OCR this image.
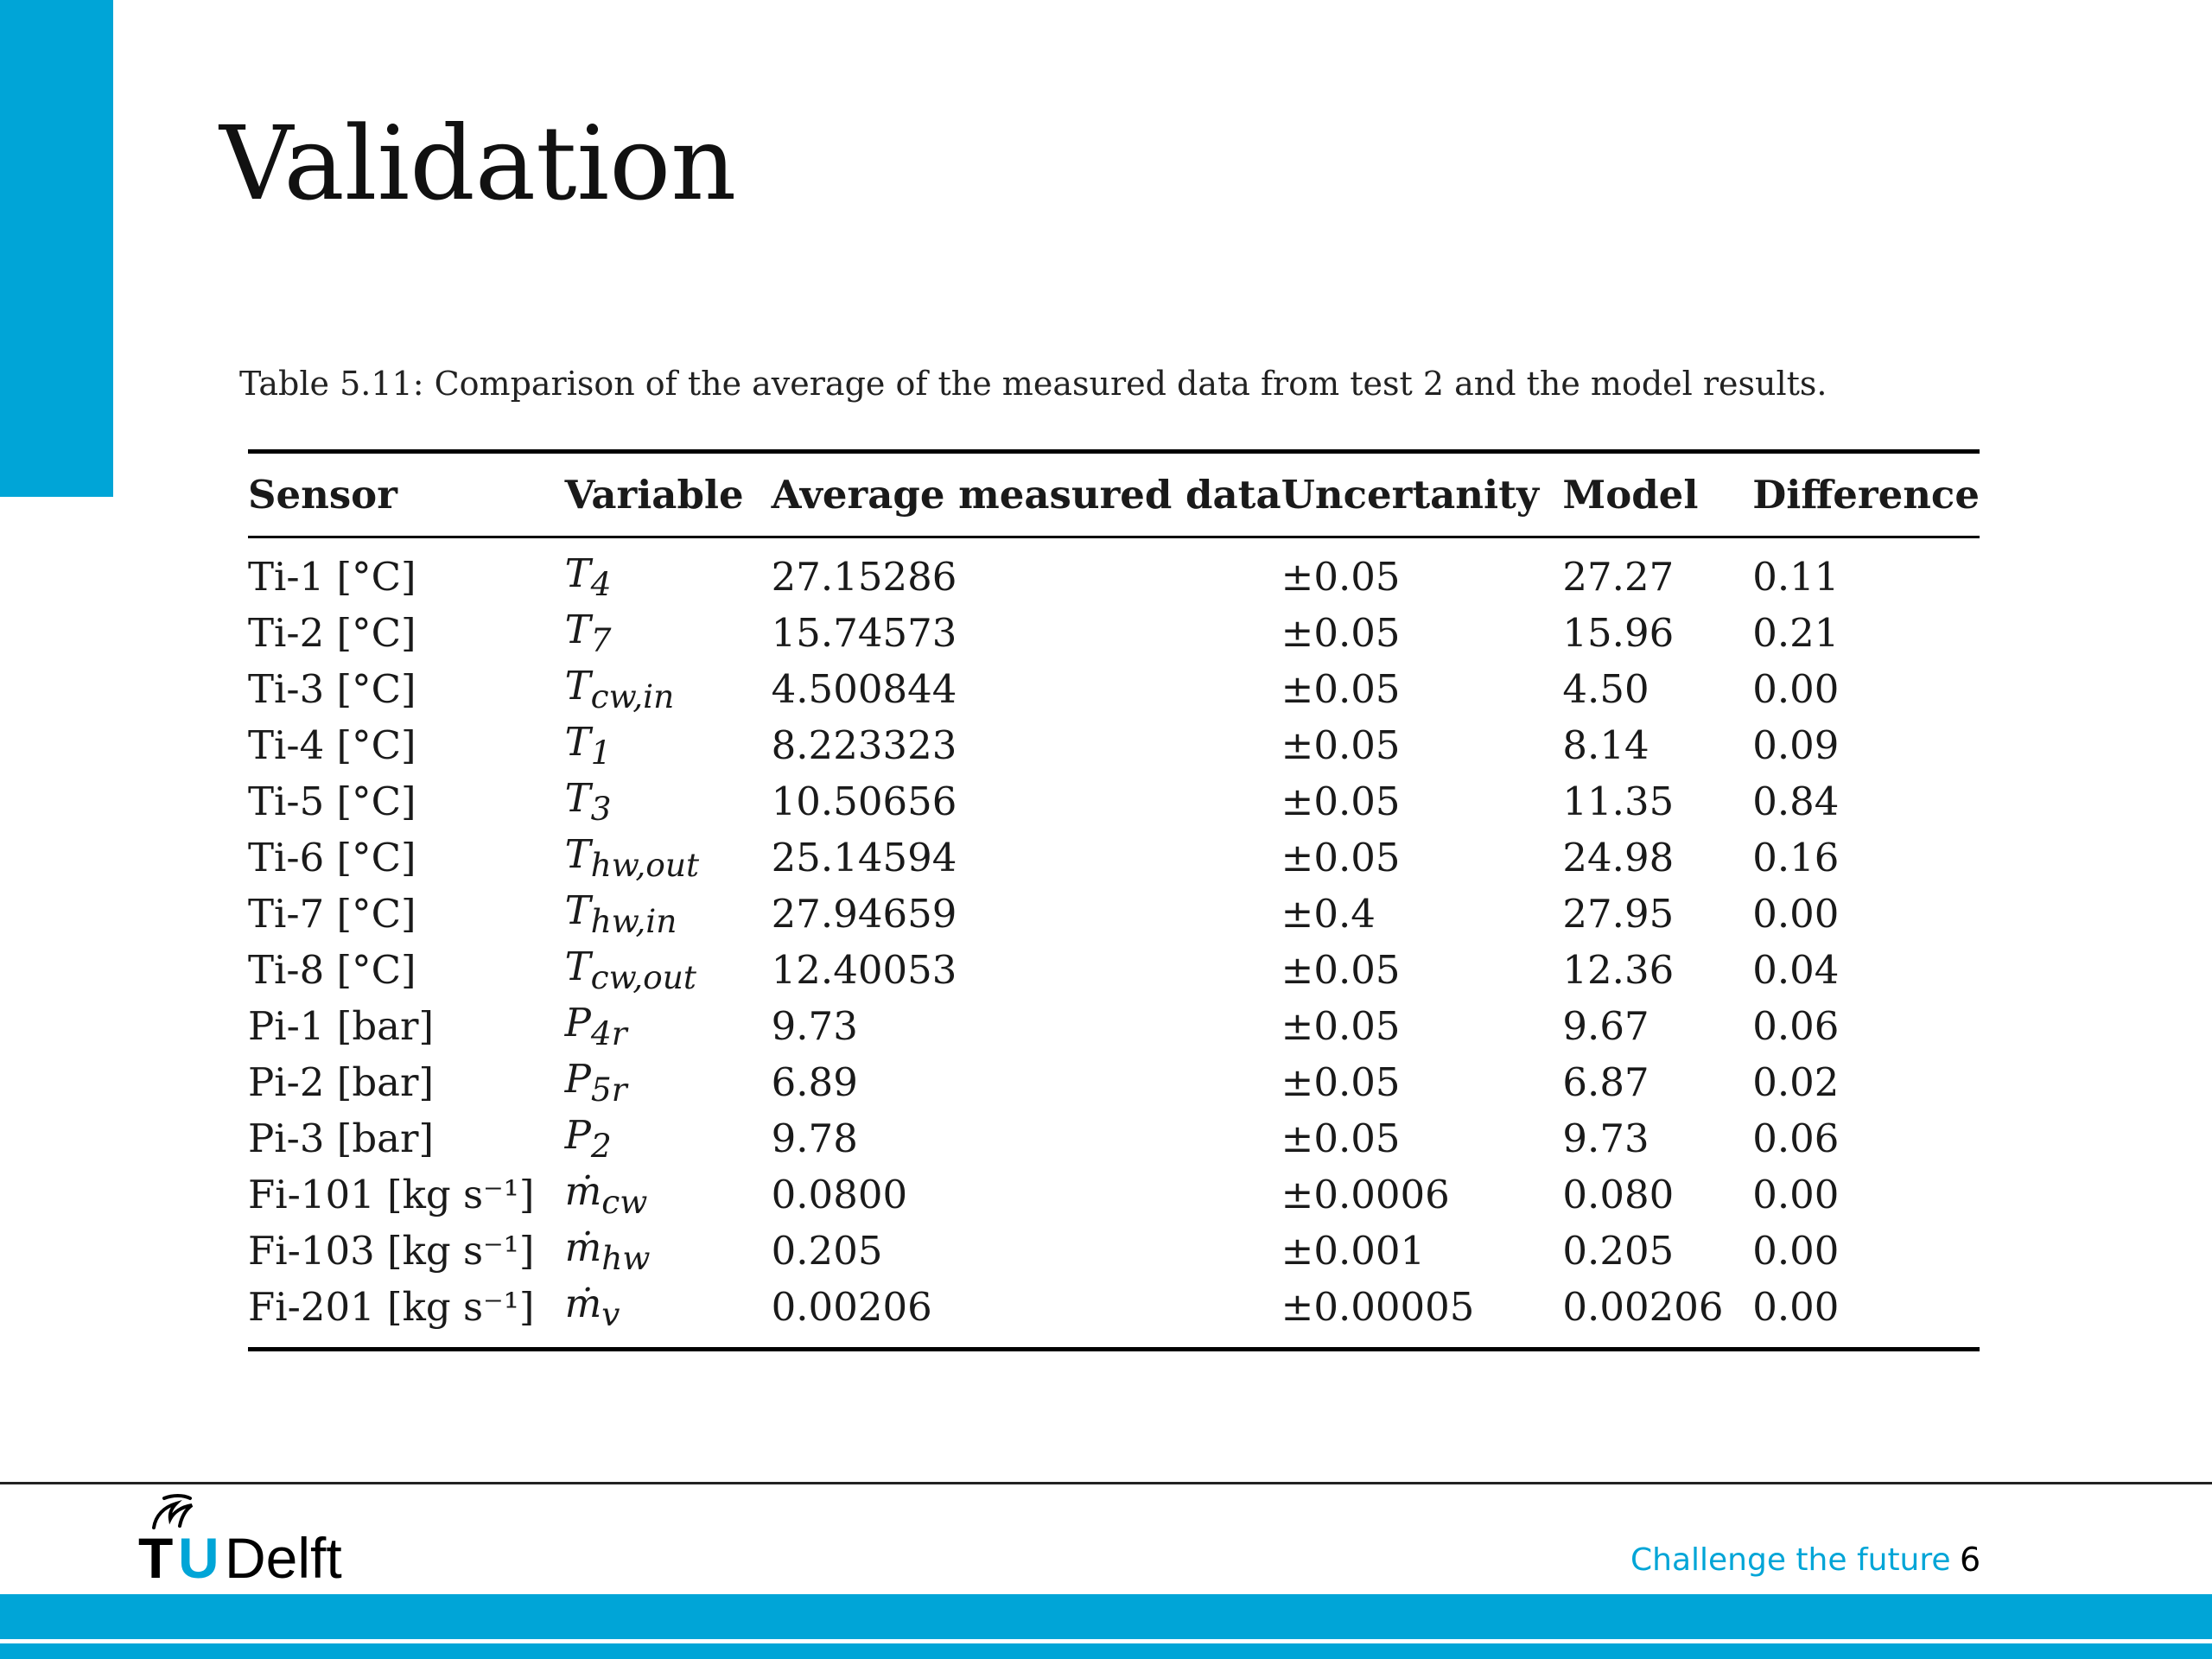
Validation
Table 5.11: Comparison of the average of the measured data from test 2 and the model results.
Sensor	Variable	Average measured data	Uncertanity	Model	Difference
Ti-1 [°C]	$T_4$	27.15286	±0.05	27.27	0.11
Ti-2 [°C]	$T_7$	15.74573	±0.05	15.96	0.21
Ti-3 [°C]	$T_{cw,in}$	4.500844	±0.05	4.50	0.00
Ti-4 [°C]	$T_1$	8.223323	±0.05	8.14	0.09
Ti-5 [°C]	$T_3$	10.50656	±0.05	11.35	0.84
Ti-6 [°C]	$T_{hw,out}$	25.14594	±0.05	24.98	0.16
Ti-7 [°C]	$T_{hw,in}$	27.94659	±0.4	27.95	0.00
Ti-8 [°C]	$T_{cw,out}$	12.40053	±0.05	12.36	0.04
Pi-1 [bar]	$P_{4r}$	9.73	±0.05	9.67	0.06
Pi-2 [bar]	$P_{5r}$	6.89	±0.05	6.87	0.02
Pi-3 [bar]	$P_2$	9.78	±0.05	9.73	0.06
Fi-101 [kg s⁻¹]	ṁ$_{cw}$	0.0800	±0.0006	0.080	0.00
Fi-103 [kg s⁻¹]	ṁ$_{hw}$	0.205	±0.001	0.205	0.00
Fi-201 [kg s⁻¹]	ṁ$_v$	0.00206	±0.00005	0.00206	0.00
T U Delft	Challenge the future 6
